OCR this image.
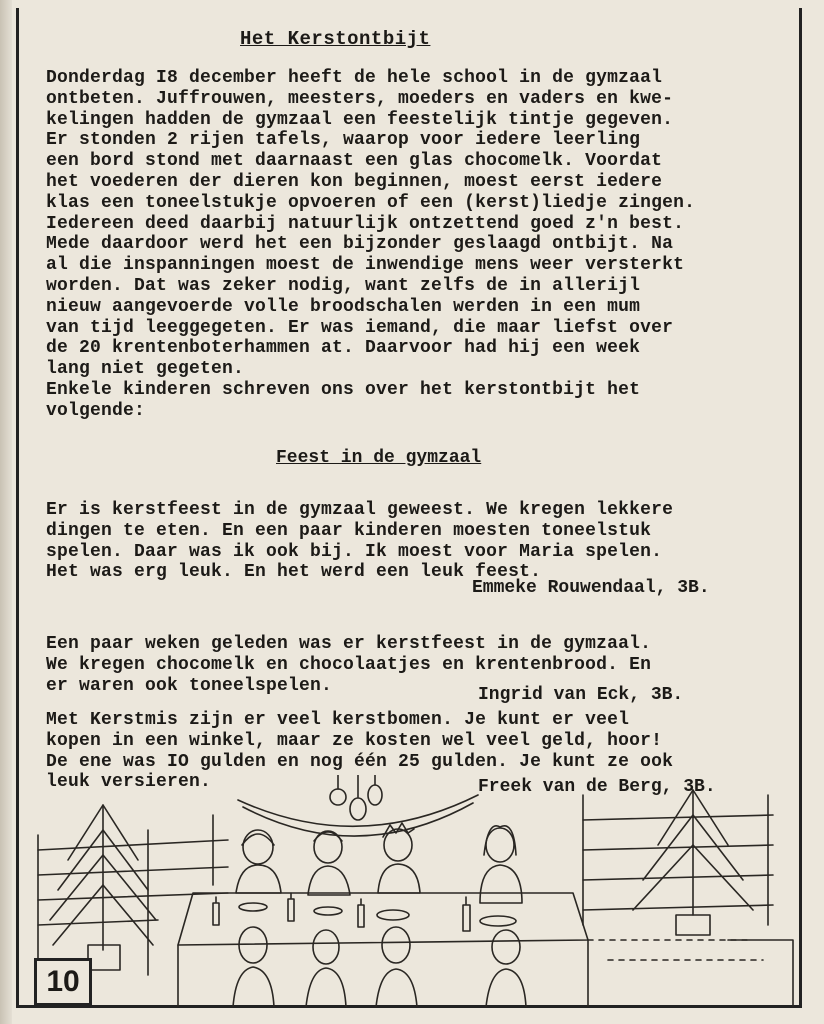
Het Kerstontbijt
Donderdag I8 december heeft de hele school in de gymzaal
ontbeten. Juffrouwen, meesters, moeders en vaders en kwe-
kelingen hadden de gymzaal een feestelijk tintje gegeven.
Er stonden 2 rijen tafels, waarop voor iedere leerling
een bord stond met daarnaast een glas chocomelk. Voordat
het voederen der dieren kon beginnen, moest eerst iedere
klas een toneelstukje opvoeren of een (kerst)liedje zingen.
Iedereen deed daarbij natuurlijk ontzettend goed z'n best.
Mede daardoor werd het een bijzonder geslaagd ontbijt. Na
al die inspanningen moest de inwendige mens weer versterkt
worden. Dat was zeker nodig, want zelfs de in allerijl
nieuw aangevoerde volle broodschalen werden in een mum
van tijd leeggegeten. Er was iemand, die maar liefst over
de 20 krentenboterhammen at. Daarvoor had hij een week
lang niet gegeten.
Enkele kinderen schreven ons over het kerstontbijt het
volgende:
Feest in de gymzaal
Er is kerstfeest in de gymzaal geweest. We kregen lekkere
dingen te eten. En een paar kinderen moesten toneelstuk
spelen. Daar was ik ook bij. Ik moest voor Maria spelen.
Het was erg leuk. En het werd een leuk feest.
Emmeke Rouwendaal, 3B.
Een paar weken geleden was er kerstfeest in de gymzaal.
We kregen chocomelk en chocolaatjes en krentenbrood. En
er waren ook toneelspelen.	Ingrid van Eck, 3B.
Met Kerstmis zijn er veel kerstbomen. Je kunt er veel
kopen in een winkel, maar ze kosten wel veel geld, hoor!
De ene was IO gulden en nog één 25 gulden. Je kunt ze ook
leuk versieren.	Freek van de Berg, 3B.
10
